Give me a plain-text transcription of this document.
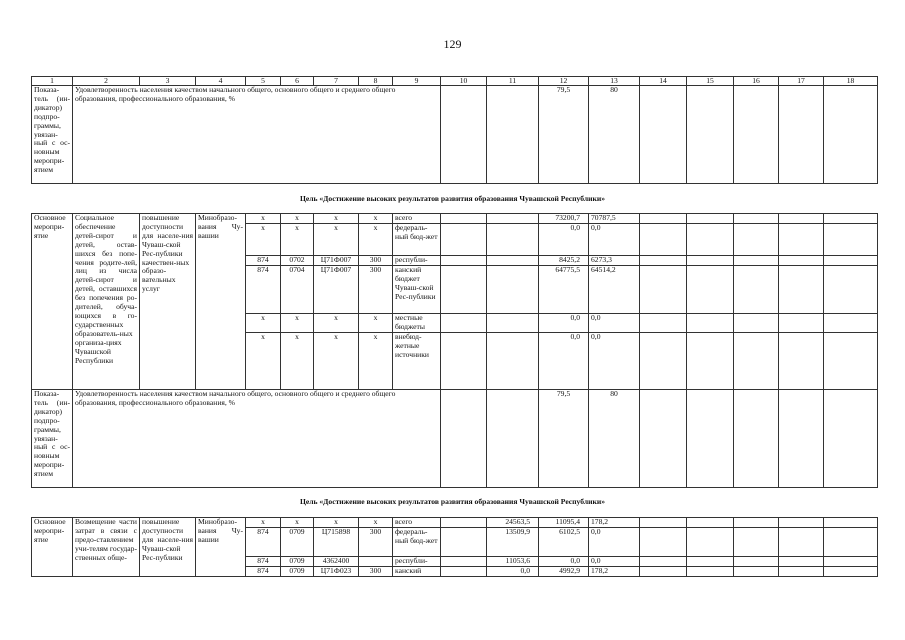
129
1	2	3	4	5	6	7	8	9	10	11	12	13	14	15	16	17	18
Показа-тель (ин-дикатор) подпро-граммы, увязан-ный с ос-новным меропри-ятием	Удовлетворенность населения качеством начального общего, основного общего и среднего общего образования, профессионального образования, %										79,5	80					
Цель «Достижение высоких результатов развития образования Чувашской Республики»
Основное меропри-ятие	Социальное обеспечение детей-сирот и детей, остав-шихся без попе-чения родите-лей, лиц из числа детей-сирот и детей, оставшихся без попечения ро-дителей, обуча-ющихся в го-сударственных образователь-ных организа-циях Чувашской Республики	повышение доступности для населе-ния Чуваш-ской Рес-публики качествен-ных образо-вательных услуг	Минобразо-вания Чу-вашии	x	x	x	x	всего			73200,7	70787,5					
				x	x	x	x	федераль-ный бюд-жет			0,0	0,0					
				874	0702	Ц71Ф007	300	республи-			8425,2	6273,3					
				874	0704	Ц71Ф007	300	канский бюджет Чуваш-ской Рес-публики			64775,5	64514,2					
				x	x	x	x	местные бюджеты			0,0	0,0					
				x	x	x	x	внебюд-жетные источники			0,0	0,0					
Показа-тель (ин-дикатор) подпро-граммы, увязан-ный с ос-новным меропри-ятием	Удовлетворенность населения качеством начального общего, основного общего и среднего общего образования, профессионального образования, %										79,5	80					
Цель «Достижение высоких результатов развития образования Чувашской Республики»
Основное меропри-ятие	Возмещение части затрат в связи с предо-ставлением учи-телям государ-ственных обще-	повышение доступности для населе-ния Чуваш-ской Рес-публики	Минобразо-вания Чу-вашии	x	x	x	x	всего		24563,5	11095,4	178,2					
				874	0709	Ц715898	300	федераль-ный бюд-жет		13509,9	6102,5	0,0					
				874	0709	4362400		республи-		11053,6	0,0	0,0					
				874	0709	Ц71Ф023	300	канский		0,0	4992,9	178,2					
